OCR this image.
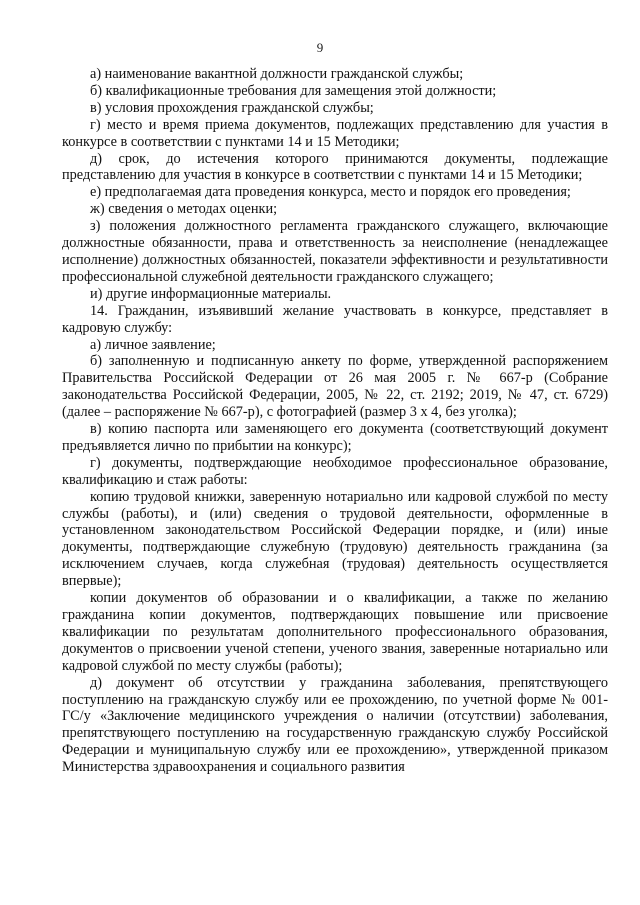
9

а) наименование вакантной должности гражданской службы;

б) квалификационные требования для замещения этой должности;

в) условия прохождения гражданской службы;

г) место и время приема документов, подлежащих представлению для участия в конкурсе в соответствии с пунктами 14 и 15 Методики;

д) срок, до истечения которого принимаются документы, подлежащие представлению для участия в конкурсе в соответствии с пунктами 14 и 15 Методики;

е) предполагаемая дата проведения конкурса, место и порядок его проведения;

ж) сведения о методах оценки;

з) положения должностного регламента гражданского служащего, включающие должностные обязанности, права и ответственность за неисполнение (ненадлежащее исполнение) должностных обязанностей, показатели эффективности и результативности профессиональной служебной деятельности гражданского служащего;

и) другие информационные материалы.

14. Гражданин, изъявивший желание участвовать в конкурсе, представляет в кадровую службу:

а) личное заявление;

б) заполненную и подписанную анкету по форме, утвержденной распоряжением Правительства Российской Федерации от 26 мая 2005 г. № 667-р (Собрание законодательства Российской Федерации, 2005, № 22, ст. 2192; 2019, № 47, ст. 6729) (далее – распоряжение № 667-р), с фотографией (размер 3 х 4, без уголка);

в) копию паспорта или заменяющего его документа (соответствующий документ предъявляется лично по прибытии на конкурс);

г) документы, подтверждающие необходимое профессиональное образование, квалификацию и стаж работы:

копию трудовой книжки, заверенную нотариально или кадровой службой по месту службы (работы), и (или) сведения о трудовой деятельности, оформленные в установленном законодательством Российской Федерации порядке, и (или) иные документы, подтверждающие служебную (трудовую) деятельность гражданина (за исключением случаев, когда служебная (трудовая) деятельность осуществляется впервые);

копии документов об образовании и о квалификации, а также по желанию гражданина копии документов, подтверждающих повышение или присвоение квалификации по результатам дополнительного профессионального образования, документов о присвоении ученой степени, ученого звания, заверенные нотариально или кадровой службой по месту службы (работы);

д) документ об отсутствии у гражданина заболевания, препятствующего поступлению на гражданскую службу или ее прохождению, по учетной форме № 001-ГС/у «Заключение медицинского учреждения о наличии (отсутствии) заболевания, препятствующего поступлению на государственную гражданскую службу Российской Федерации и муниципальную службу или ее прохождению», утвержденной приказом Министерства здравоохранения и социального развития
